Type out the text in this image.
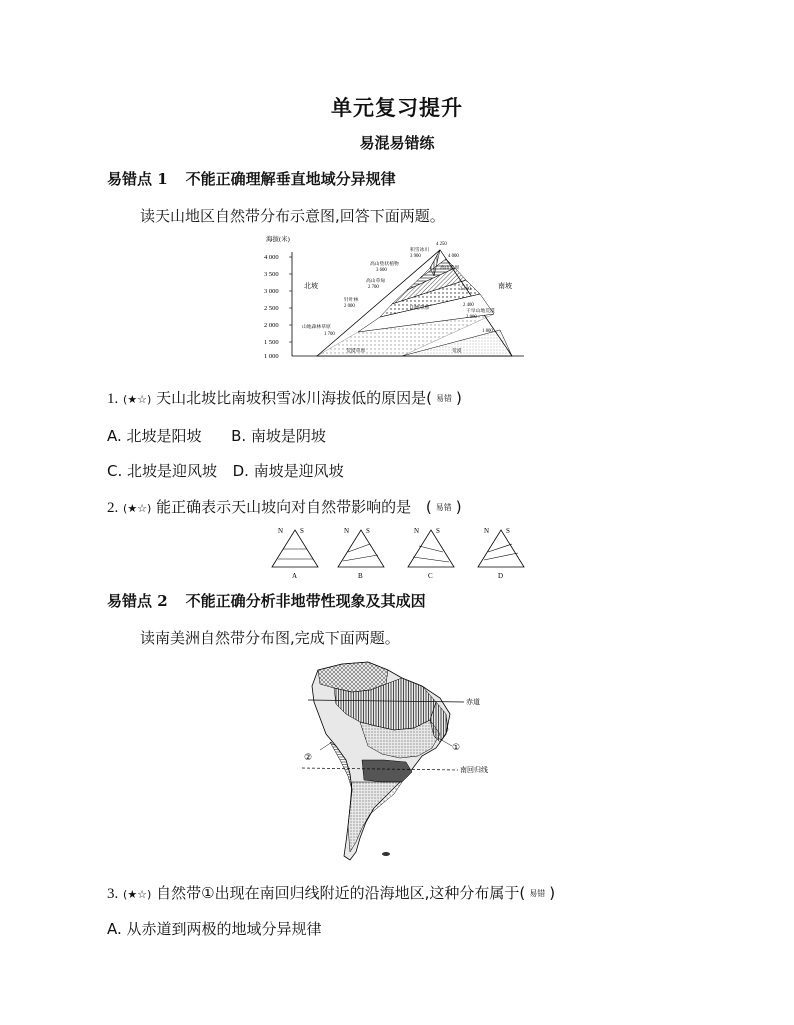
单元复习提升
易混易错练
易错点 1 不能正确理解垂直地域分异规律
读天山地区自然带分布示意图,回答下面两题。
海拔(米)
4 000
3 500
3 000
2 500
2 000
1 500
1 000
北坡	南坡
4 250
积雪冰川
3 900	4 000
高山垫状植物
3 600	高山草原
高山草甸
2 700	3 100
针叶林
2 000	2 400
干旱山地荒漠
2 000
山地森林草原
1 700
山地草原
1 800
荒漠草原	荒漠
1. (★☆) 天山北坡比南坡积雪冰川海拔低的原因是( 易错 )
A. 北坡是阳坡 B. 南坡是阴坡
C. 北坡是迎风坡 D. 南坡是迎风坡
2. (★☆) 能正确表示天山坡向对自然带影响的是 ( 易错 )
N S
A
N S
B
N S
C
N S
D
易错点 2 不能正确分析非地带性现象及其成因
读南美洲自然带分布图,完成下面两题。
赤道
南回归线
①
②
3. (★☆) 自然带①出现在南回归线附近的沿海地区,这种分布属于( 易错 )
A. 从赤道到两极的地域分异规律
